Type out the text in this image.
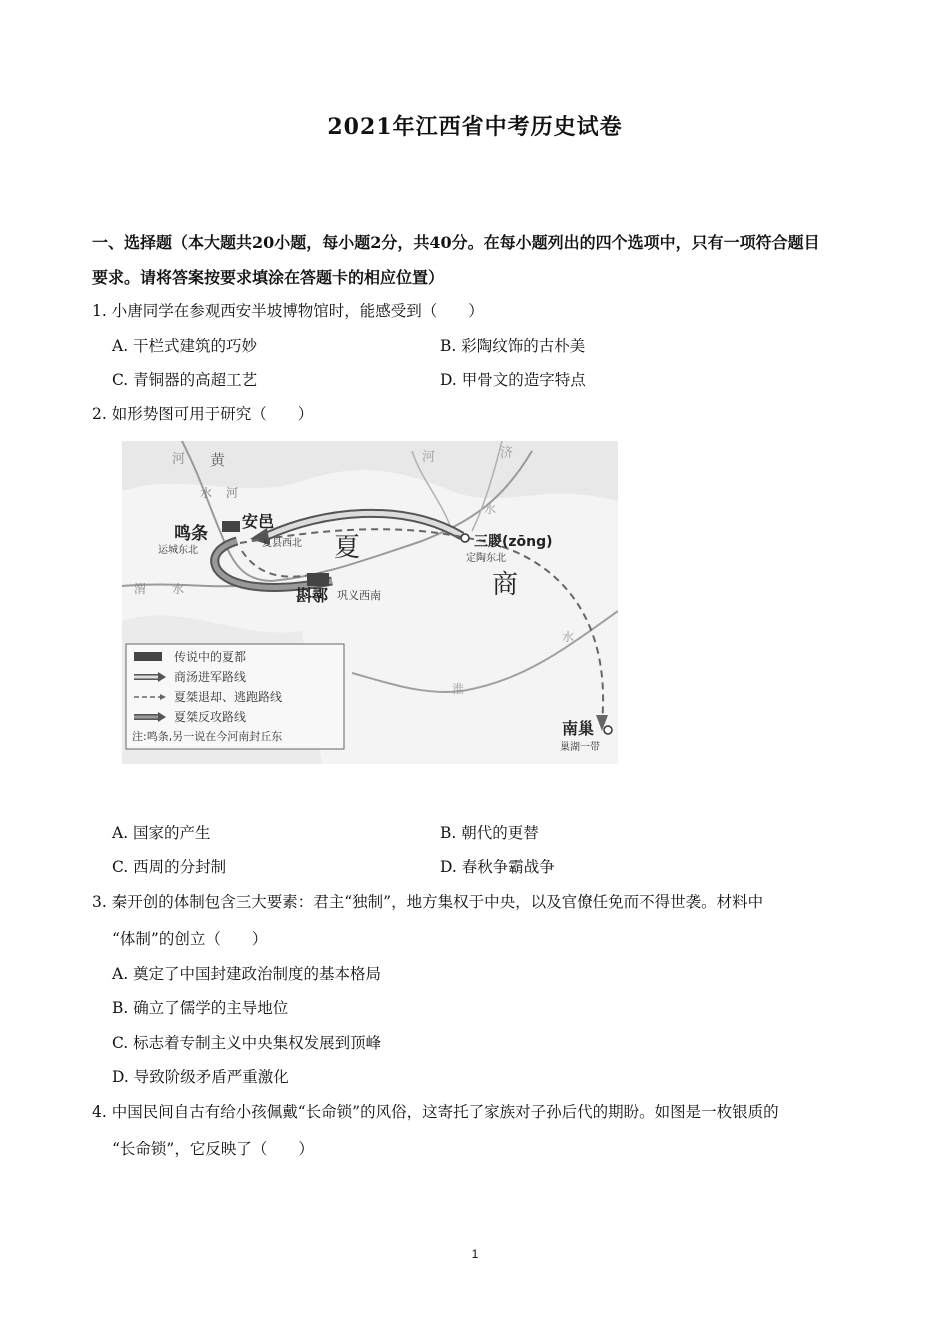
2021年江西省中考历史试卷
一、选择题（本大题共20小题，每小题2分，共40分。在每小题列出的四个选项中，只有一项符合题目
要求。请将答案按要求填涂在答题卡的相应位置）
1. 小唐同学在参观西安半坡博物馆时，能感受到（　　）
A. 干栏式建筑的巧妙	B. 彩陶纹饰的古朴美
C. 青铜器的高超工艺	D. 甲骨文的造字特点
2. 如形势图可用于研究（　　）
河 黄
水 河
河	济
水
渭 水
水
淮
鸣条
运城东北
安邑
夏县西北 夏	三朡(zōng)
定陶东北
商
斟鄩 巩义西南
南巢
巢湖一带
传说中的夏都
商汤进军路线
夏桀退却、逃跑路线
夏桀反攻路线
注:鸣条,另一说在今河南封丘东
A. 国家的产生	B. 朝代的更替
C. 西周的分封制	D. 春秋争霸战争
3. 秦开创的体制包含三大要素：君主“独制”，地方集权于中央，以及官僚任免而不得世袭。材料中
“体制”的创立（　　）
A. 奠定了中国封建政治制度的基本格局
B. 确立了儒学的主导地位
C. 标志着专制主义中央集权发展到顶峰
D. 导致阶级矛盾严重激化
4. 中国民间自古有给小孩佩戴“长命锁”的风俗，这寄托了家族对子孙后代的期盼。如图是一枚银质的
“长命锁”，它反映了（　　）
1
